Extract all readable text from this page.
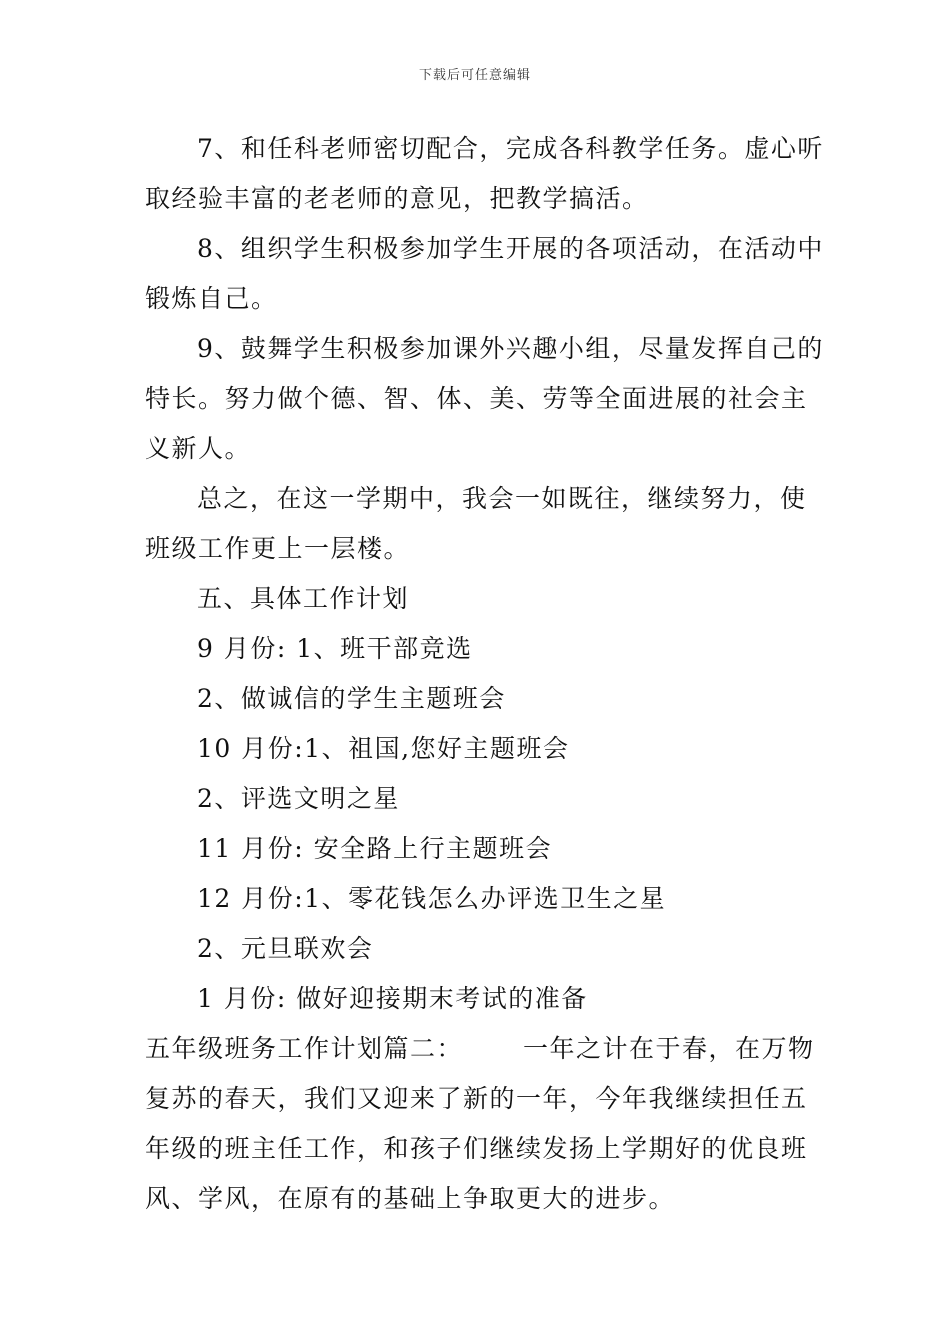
下载后可任意编辑
7、和任科老师密切配合，完成各科教学任务。虚心听
取经验丰富的老老师的意见，把教学搞活。
8、组织学生积极参加学生开展的各项活动，在活动中
锻炼自己。
9、鼓舞学生积极参加课外兴趣小组，尽量发挥自己的
特长。努力做个德、智、体、美、劳等全面进展的社会主
义新人。
总之，在这一学期中，我会一如既往，继续努力，使
班级工作更上一层楼。
五、具体工作计划
9 月份: 1、班干部竞选
2、做诚信的学生主题班会
10 月份:1、祖国,您好主题班会
2、评选文明之星
11 月份: 安全路上行主题班会
12 月份:1、零花钱怎么办评选卫生之星
2、元旦联欢会
1 月份: 做好迎接期末考试的准备
五年级班务工作计划篇二： 一年之计在于春，在万物
复苏的春天，我们又迎来了新的一年，今年我继续担任五
年级的班主任工作，和孩子们继续发扬上学期好的优良班
风、学风，在原有的基础上争取更大的进步。
